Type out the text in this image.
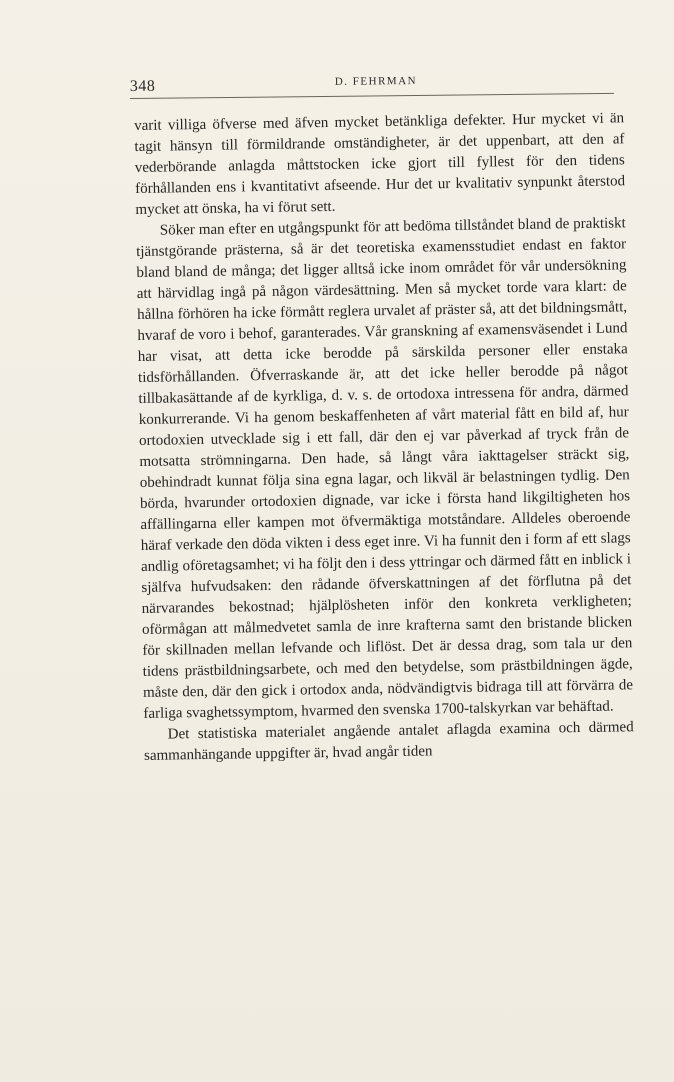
348	D. FEHRMAN

varit villiga öfverse med äfven mycket betänkliga defekter. Hur mycket vi än tagit hänsyn till förmildrande omständigheter, är det uppenbart, att den af vederbörande anlagda måttstocken icke gjort till fyllest för den tidens förhållanden ens i kvantitativt afseende. Hur det ur kvalitativ synpunkt återstod mycket att önska, ha vi förut sett.

Söker man efter en utgångspunkt för att bedöma tillståndet bland de praktiskt tjänstgörande prästerna, så är det teoretiska examensstudiet endast en faktor bland bland de många; det ligger alltså icke inom området för vår undersökning att härvidlag ingå på någon värdesättning. Men så mycket torde vara klart: de hållna förhören ha icke förmått reglera urvalet af präster så, att det bildningsmått, hvaraf de voro i behof, garanterades. Vår granskning af examensväsendet i Lund har visat, att detta icke berodde på särskilda personer eller enstaka tidsförhållanden. Öfverraskande är, att det icke heller berodde på något tillbakasättande af de kyrkliga, d. v. s. de ortodoxa intressena för andra, därmed konkurrerande. Vi ha genom beskaffenheten af vårt material fått en bild af, hur ortodoxien utvecklade sig i ett fall, där den ej var påverkad af tryck från de motsatta strömningarna. Den hade, så långt våra iakttagelser sträckt sig, obehindradt kunnat följa sina egna lagar, och likväl är belastningen tydlig. Den börda, hvarunder ortodoxien dignade, var icke i första hand likgiltigheten hos affällingarna eller kampen mot öfvermäktiga motståndare. Alldeles oberoende häraf verkade den döda vikten i dess eget inre. Vi ha funnit den i form af ett slags andlig oföretagsamhet; vi ha följt den i dess yttringar och därmed fått en inblick i själfva hufvudsaken: den rådande öfverskattningen af det förflutna på det närvarandes bekostnad; hjälplösheten inför den konkreta verkligheten; oförmågan att målmedvetet samla de inre krafterna samt den bristande blicken för skillnaden mellan lefvande och liflöst. Det är dessa drag, som tala ur den tidens prästbildningsarbete, och med den betydelse, som prästbildningen ägde, måste den, där den gick i ortodox anda, nödvändigtvis bidraga till att förvärra de farliga svaghetssymptom, hvarmed den svenska 1700-talskyrkan var behäftad.

Det statistiska materialet angående antalet aflagda examina och därmed sammanhängande uppgifter är, hvad angår tiden
